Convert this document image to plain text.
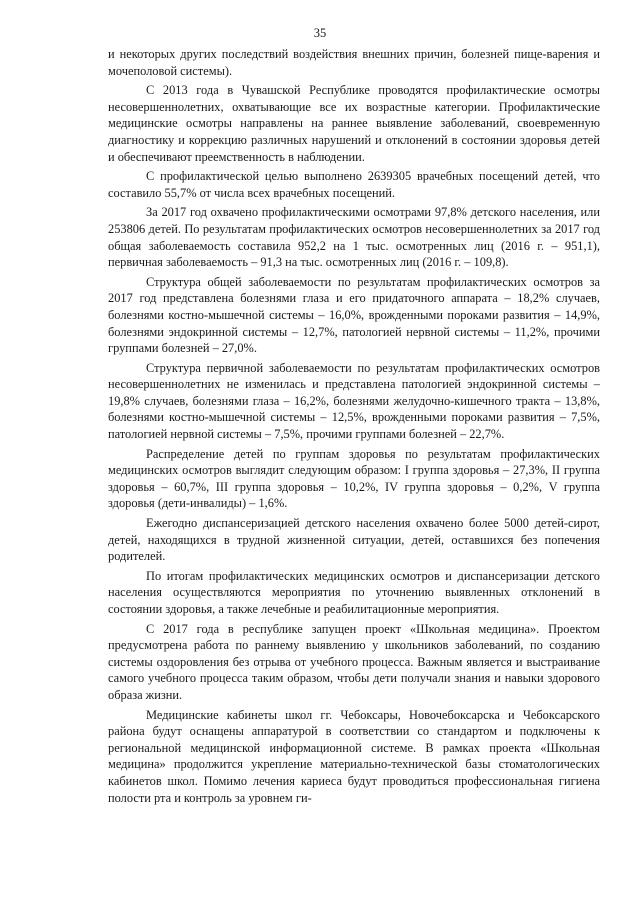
35

и некоторых других последствий воздействия внешних причин, болезней пище-варения и мочеполовой системы).

С 2013 года в Чувашской Республике проводятся профилактические осмотры несовершеннолетних, охватывающие все их возрастные категории. Профилактические медицинские осмотры направлены на раннее выявление заболеваний, своевременную диагностику и коррекцию различных нарушений и отклонений в состоянии здоровья детей и обеспечивают преемственность в наблюдении.

С профилактической целью выполнено 2639305 врачебных посещений детей, что составило 55,7% от числа всех врачебных посещений.

За 2017 год охвачено профилактическими осмотрами 97,8% детского населения, или 253806 детей. По результатам профилактических осмотров несовершеннолетних за 2017 год общая заболеваемость составила 952,2 на 1 тыс. осмотренных лиц (2016 г. – 951,1), первичная заболеваемость – 91,3 на тыс. осмотренных лиц (2016 г. – 109,8).

Структура общей заболеваемости по результатам профилактических осмотров за 2017 год представлена болезнями глаза и его придаточного аппарата – 18,2% случаев, болезнями костно-мышечной системы – 16,0%, врожденными пороками развития – 14,9%, болезнями эндокринной системы – 12,7%, патологией нервной системы – 11,2%, прочими группами болезней – 27,0%.

Структура первичной заболеваемости по результатам профилактических осмотров несовершеннолетних не изменилась и представлена патологией эндокринной системы – 19,8% случаев, болезнями глаза – 16,2%, болезнями желудочно-кишечного тракта – 13,8%, болезнями костно-мышечной системы – 12,5%, врожденными пороками развития – 7,5%, патологией нервной системы – 7,5%, прочими группами болезней – 22,7%.

Распределение детей по группам здоровья по результатам профилактических медицинских осмотров выглядит следующим образом: I группа здоровья – 27,3%, II группа здоровья – 60,7%, III группа здоровья – 10,2%, IV группа здоровья – 0,2%, V группа здоровья (дети-инвалиды) – 1,6%.

Ежегодно диспансеризацией детского населения охвачено более 5000 детей-сирот, детей, находящихся в трудной жизненной ситуации, детей, оставшихся без попечения родителей.

По итогам профилактических медицинских осмотров и диспансеризации детского населения осуществляются мероприятия по уточнению выявленных отклонений в состоянии здоровья, а также лечебные и реабилитационные мероприятия.

С 2017 года в республике запущен проект «Школьная медицина». Проектом предусмотрена работа по раннему выявлению у школьников заболеваний, по созданию системы оздоровления без отрыва от учебного процесса. Важным является и выстраивание самого учебного процесса таким образом, чтобы дети получали знания и навыки здорового образа жизни.

Медицинские кабинеты школ гг. Чебоксары, Новочебоксарска и Чебоксарского района будут оснащены аппаратурой в соответствии со стандартом и подключены к региональной медицинской информационной системе. В рамках проекта «Школьная медицина» продолжится укрепление материально-технической базы стоматологических кабинетов школ. Помимо лечения кариеса будут проводиться профессиональная гигиена полости рта и контроль за уровнем ги-
